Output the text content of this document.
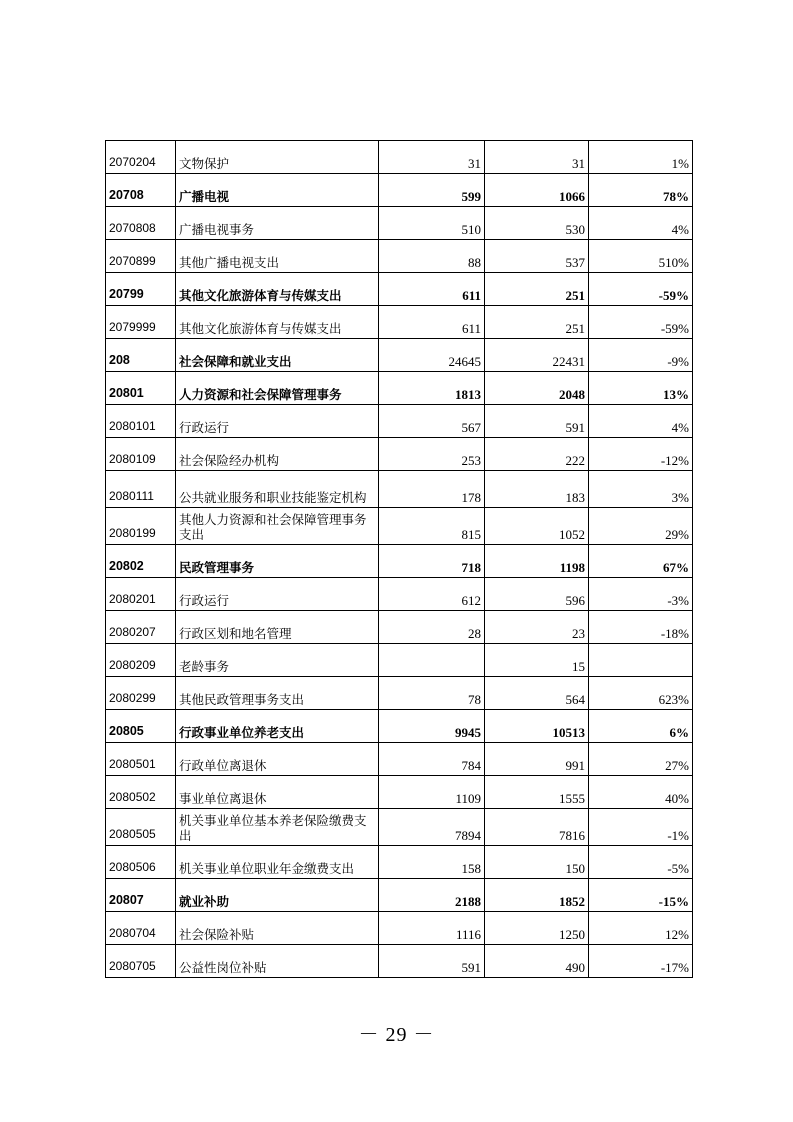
2070204	文物保护	31	31	1%
20708	广播电视	599	1066	78%
2070808	广播电视事务	510	530	4%
2070899	其他广播电视支出	88	537	510%
20799	其他文化旅游体育与传媒支出	611	251	-59%
2079999	其他文化旅游体育与传媒支出	611	251	-59%
208	社会保障和就业支出	24645	22431	-9%
20801	人力资源和社会保障管理事务	1813	2048	13%
2080101	行政运行	567	591	4%
2080109	社会保险经办机构	253	222	-12%
2080111	公共就业服务和职业技能鉴定机构	178	183	3%
2080199	其他人力资源和社会保障管理事务支出	815	1052	29%
20802	民政管理事务	718	1198	67%
2080201	行政运行	612	596	-3%
2080207	行政区划和地名管理	28	23	-18%
2080209	老龄事务		15	
2080299	其他民政管理事务支出	78	564	623%
20805	行政事业单位养老支出	9945	10513	6%
2080501	行政单位离退休	784	991	27%
2080502	事业单位离退休	1109	1555	40%
2080505	机关事业单位基本养老保险缴费支出	7894	7816	-1%
2080506	机关事业单位职业年金缴费支出	158	150	-5%
20807	就业补助	2188	1852	-15%
2080704	社会保险补贴	1116	1250	12%
2080705	公益性岗位补贴	591	490	-17%
－ 29 －
